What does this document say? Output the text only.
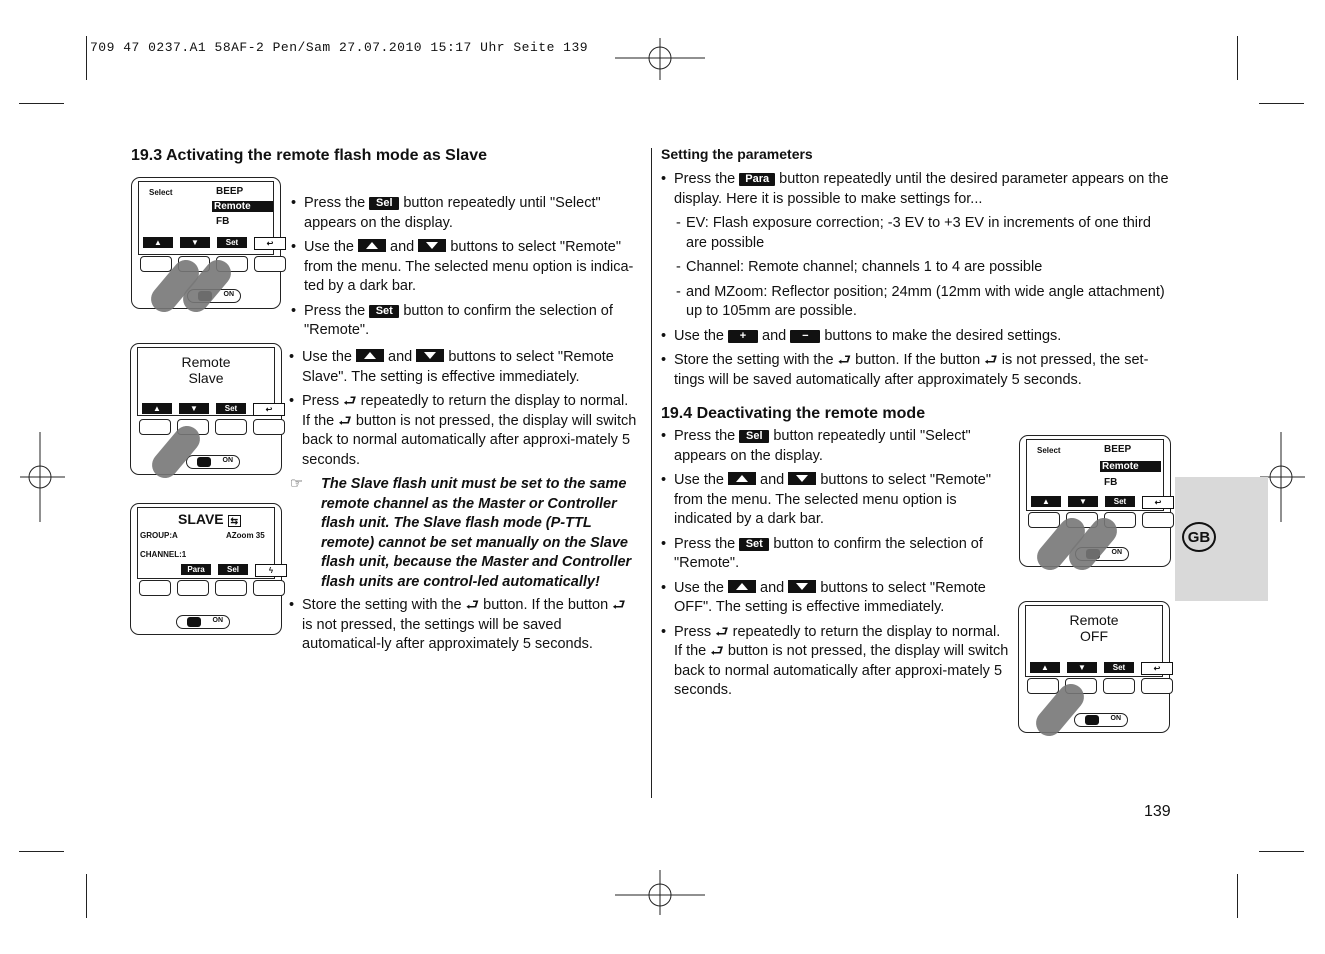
709 47 0237.A1 58AF-2 Pen/Sam 27.07.2010 15:17 Uhr Seite 139
19.3 Activating the remote flash mode as Slave
Select	BEEP
Remote
FB
▲	▼	Set	↩
ON
• Press the Sel button repeatedly until "Select" appears on the display.
• Use the and buttons to select "Remote" from the menu. The selected menu option is indica-ted by a dark bar.
• Press the Set button to confirm the selection of "Remote".
Remote
Slave
▲	▼	Set	↩
ON
• Use the and buttons to select "Remote Slave". The setting is effective immediately.
• Press ⮐ repeatedly to return the display to normal. If the ⮐ button is not pressed, the display will switch back to normal automatically after approxi-mately 5 seconds.
☞	The Slave flash unit must be set to the same remote channel as the Master or Controller flash unit. The Slave flash mode (P-TTL remote) cannot be set manually on the Slave flash unit, because the Master and Controller flash units are control-led automatically!
SLAVE ⇆
GROUP:A	AZoom 35
CHANNEL:1
Para	Sel	ϟ
ON
• Store the setting with the ⮐ button. If the button ⮐ is not pressed, the settings will be saved automatical-ly after approximately 5 seconds.
Setting the parameters
• Press the Para button repeatedly until the desired parameter appears on the display. Here it is possible to make settings for...
- EV: Flash exposure correction; -3 EV to +3 EV in increments of one third are possible
- Channel: Remote channel; channels 1 to 4 are possible
- and MZoom: Reflector position; 24mm (12mm with wide angle attachment) up to 105mm are possible.
• Use the + and − buttons to make the desired settings.
• Store the setting with the ⮐ button. If the button ⮐ is not pressed, the set-tings will be saved automatically after approximately 5 seconds.
19.4 Deactivating the remote mode
• Press the Sel button repeatedly until "Select" appears on the display.
• Use the and buttons to select "Remote" from the menu. The selected menu option is indicated by a dark bar.
• Press the Set button to confirm the selection of "Remote".
• Use the and buttons to select "Remote OFF". The setting is effective immediately.
• Press ⮐ repeatedly to return the display to normal. If the ⮐ button is not pressed, the display will switch back to normal automatically after approxi-mately 5 seconds.
Select	BEEP
Remote
FB
▲	▼	Set	↩
ON
Remote
OFF
▲	▼	Set	↩
ON
GB
139
